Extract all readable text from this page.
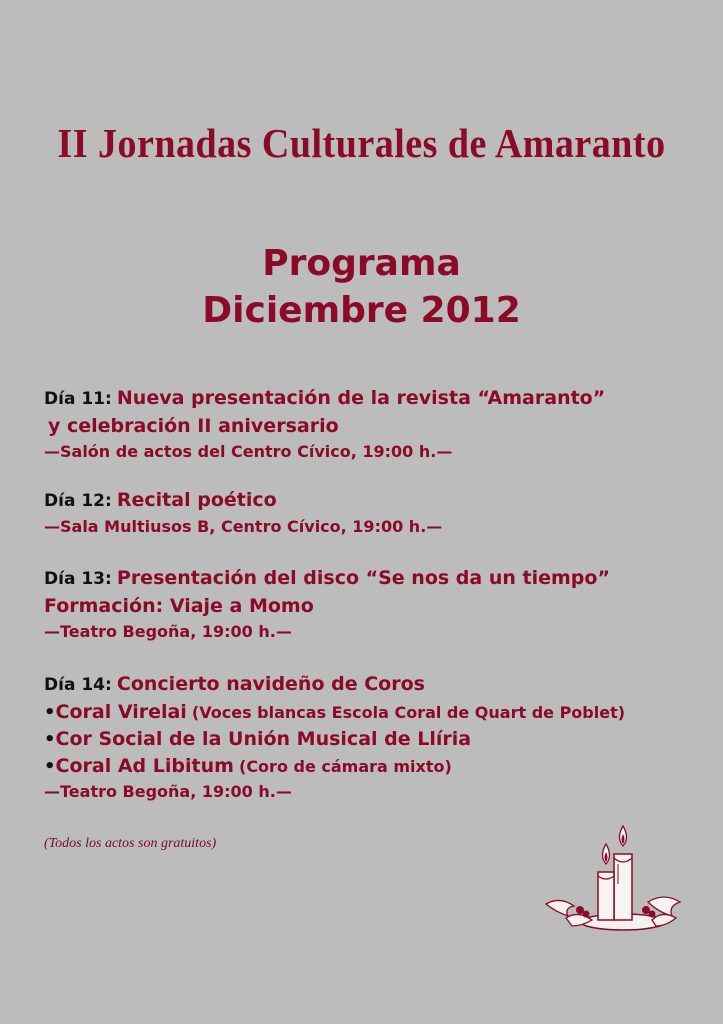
II Jornadas Culturales de Amaranto
Programa
Diciembre 2012
Día 11: Nueva presentación de la revista “Amaranto”
y celebración II aniversario
—Salón de actos del Centro Cívico, 19:00 h.—
Día 12: Recital poético
—Sala Multiusos B, Centro Cívico, 19:00 h.—
Día 13: Presentación del disco “Se nos da un tiempo”
Formación: Viaje a Momo
—Teatro Begoña, 19:00 h.—
Día 14: Concierto navideño de Coros
•Coral Virelai (Voces blancas Escola Coral de Quart de Poblet)
•Cor Social de la Unión Musical de Llíria
•Coral Ad Libitum (Coro de cámara mixto)
—Teatro Begoña, 19:00 h.—
(Todos los actos son gratuitos)
